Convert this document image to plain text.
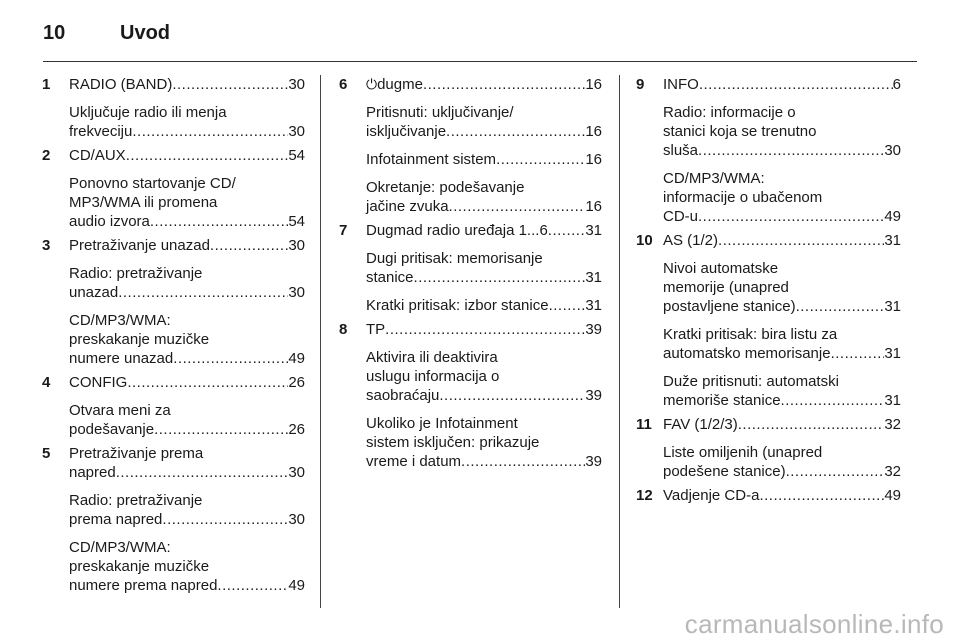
10	Uvod
1	RADIO (BAND) .....	30
Uključuje radio ili menja
frekveciju .....	30
2	CD/AUX .....	54
Ponovno startovanje CD/
MP3/WMA ili promena
audio izvora .....	54
3	Pretraživanje unazad .....	30
Radio: pretraživanje
unazad .....	30
CD/MP3/WMA:
preskakanje muzičke
numere unazad .....	49
4	CONFIG .....	26
Otvara meni za
podešavanje .....	26
5	Pretraživanje prema
napred .....	30
Radio: pretraživanje
prema napred .....	30
CD/MP3/WMA:
preskakanje muzičke
numere prema napred .....	49
6	⏻ dugme .....	16
Pritisnuti: uključivanje/
isključivanje .....	16
Infotainment sistem .....	16
Okretanje: podešavanje
jačine zvuka .....	16
7	Dugmad radio uređaja 1...6 .....	31
Dugi pritisak: memorisanje
stanice .....	31
Kratki pritisak: izbor stanice ..... 31
8	TP .....	39
Aktivira ili deaktivira
uslugu informacija o
saobraćaju .....	39
Ukoliko je Infotainment
sistem isključen: prikazuje
vreme i datum .....	39
9	INFO .....	6
Radio: informacije o
stanici koja se trenutno
sluša .....	30
CD/MP3/WMA:
informacije o ubačenom
CD-u .....	49
10 AS (1/2) .....	31
Nivoi automatske
memorije (unapred
postavljene stanice) .....	31
Kratki pritisak: bira listu za
automatsko memorisanje .....	31
Duže pritisnuti: automatski
memoriše stanice .....	31
11 FAV (1/2/3) .....	32
Liste omiljenih (unapred
podešene stanice) .....	32
12 Vadjenje CD-a .....	49
carmanualsonline.info
